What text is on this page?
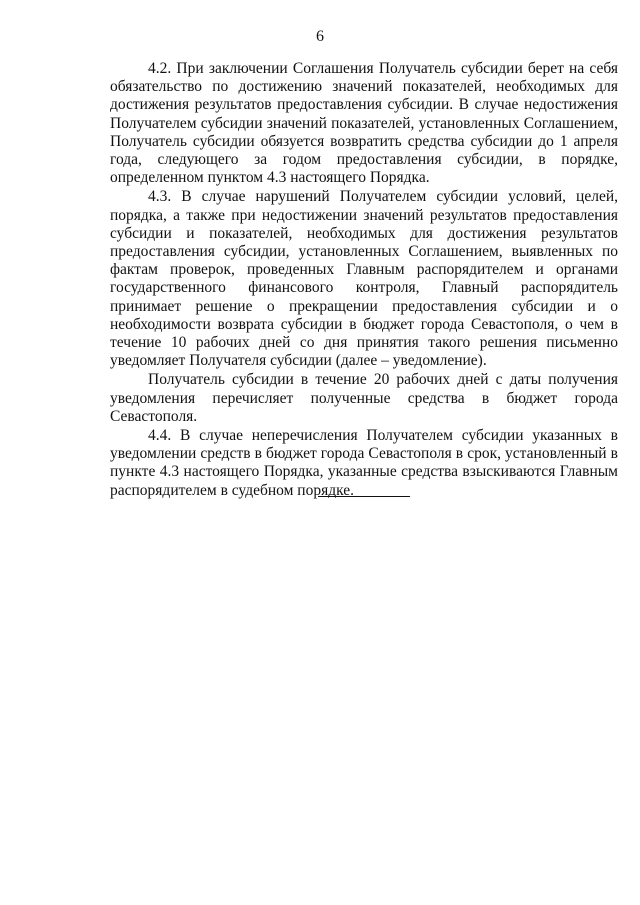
6

4.2. При заключении Соглашения Получатель субсидии берет на себя обязательство по достижению значений показателей, необходимых для достижения результатов предоставления субсидии. В случае недостижения Получателем субсидии значений показателей, установленных Соглашением, Получатель субсидии обязуется возвратить средства субсидии до 1 апреля года, следующего за годом предоставления субсидии, в порядке, определенном пунктом 4.3 настоящего Порядка.

4.3. В случае нарушений Получателем субсидии условий, целей, порядка, а также при недостижении значений результатов предоставления субсидии и показателей, необходимых для достижения результатов предоставления субсидии, установленных Соглашением, выявленных по фактам проверок, проведенных Главным распорядителем и органами государственного финансового контроля, Главный распорядитель принимает решение о прекращении предоставления субсидии и о необходимости возврата субсидии в бюджет города Севастополя, о чем в течение 10 рабочих дней со дня принятия такого решения письменно уведомляет Получателя субсидии (далее – уведомление).

Получатель субсидии в течение 20 рабочих дней с даты получения уведомления перечисляет полученные средства в бюджет города Севастополя.

4.4. В случае неперечисления Получателем субсидии указанных в уведомлении средств в бюджет города Севастополя в срок, установленный в пункте 4.3 настоящего Порядка, указанные средства взыскиваются Главным распорядителем в судебном порядке.
